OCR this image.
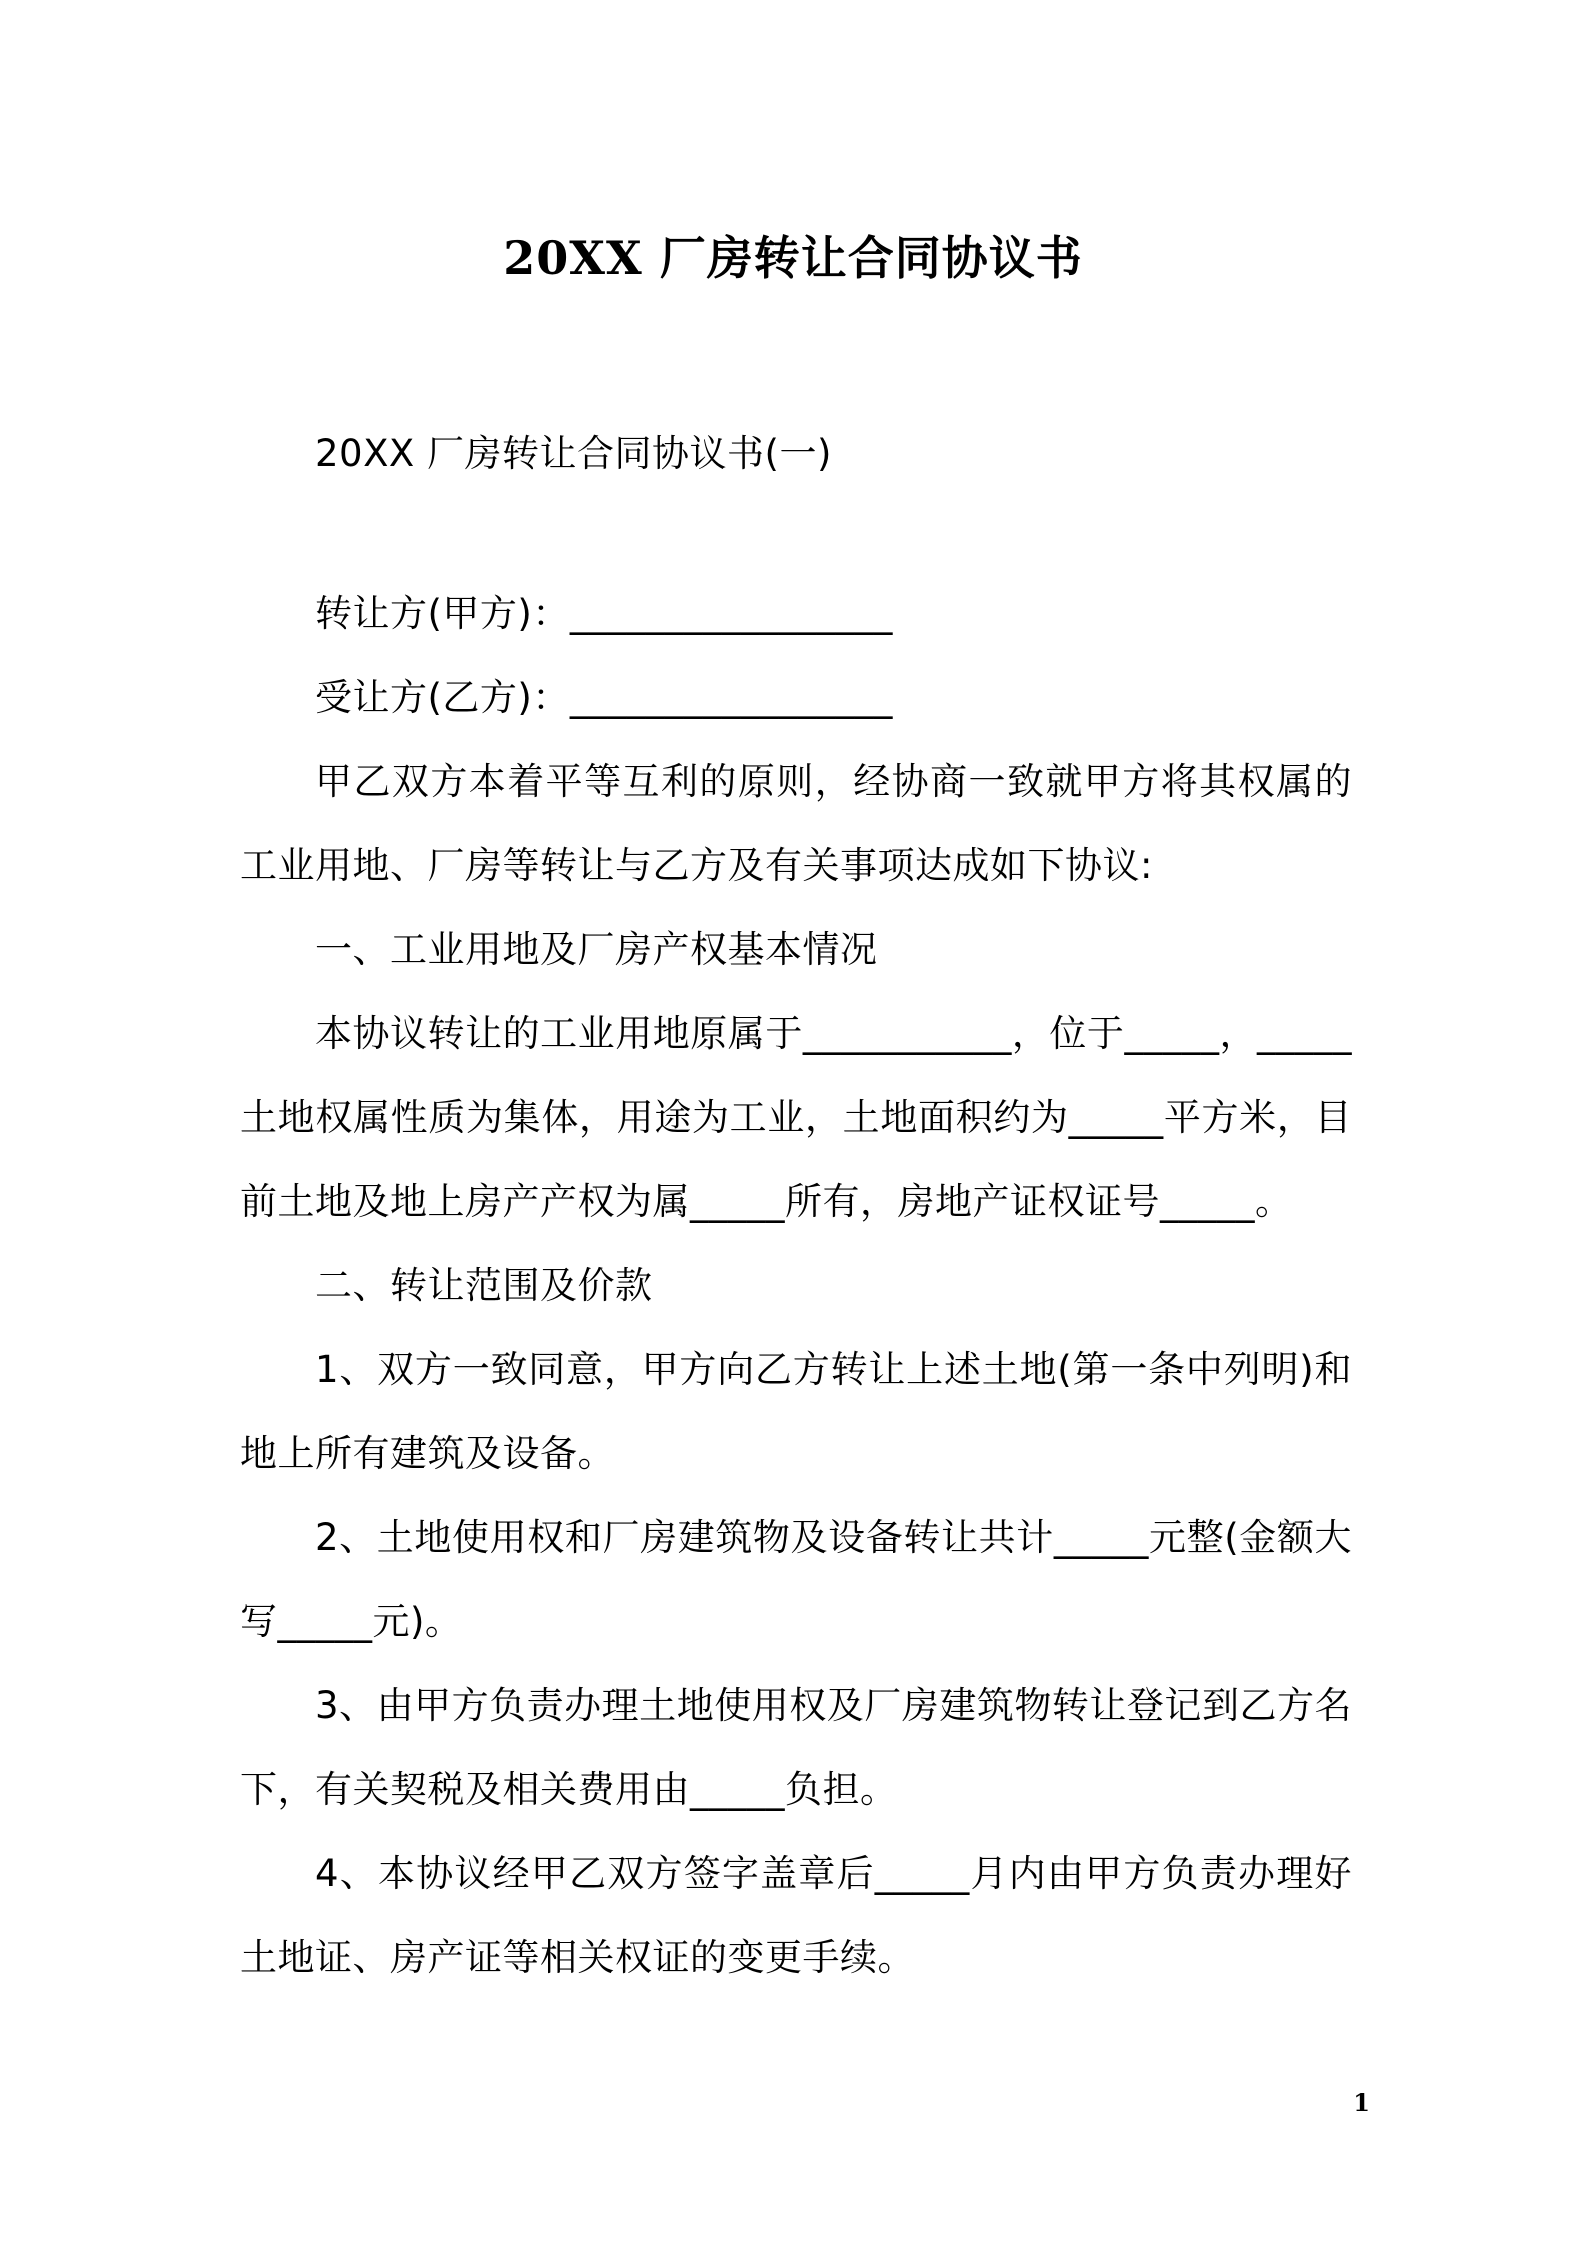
20XX 厂房转让合同协议书

20XX 厂房转让合同协议书(一)

转让方(甲方)：_________________

受让方(乙方)：_________________

甲乙双方本着平等互利的原则，经协商一致就甲方将其权属的工业用地、厂房等转让与乙方及有关事项达成如下协议:

一、工业用地及厂房产权基本情况

本协议转让的工业用地原属于___________，位于_____，_____土地权属性质为集体，用途为工业，土地面积约为_____平方米，目前土地及地上房产产权为属_____所有，房地产证权证号_____。

二、转让范围及价款

1、双方一致同意，甲方向乙方转让上述土地(第一条中列明)和地上所有建筑及设备。

2、土地使用权和厂房建筑物及设备转让共计_____元整(金额大写_____元)。

3、由甲方负责办理土地使用权及厂房建筑物转让登记到乙方名下，有关契税及相关费用由_____负担。

4、本协议经甲乙双方签字盖章后_____月内由甲方负责办理好土地证、房产证等相关权证的变更手续。

1
